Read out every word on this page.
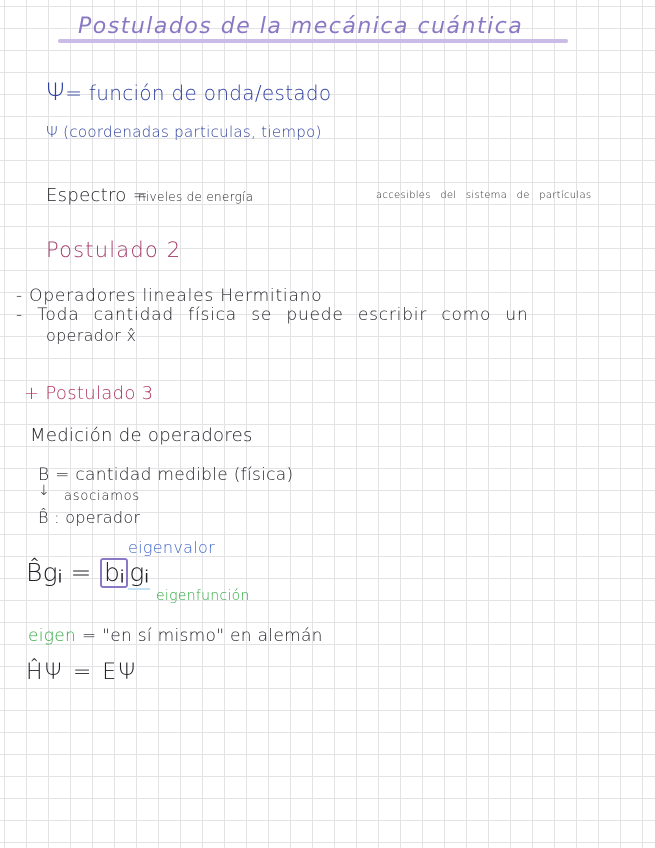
Postulados de la mecánica cuántica
Ψ= función de onda/estado
Ψ (coordenadas particulas, tiempo)
Espectro =
niveles de energía	accesibles del sistema de partículas
Postulado 2
- Operadores lineales Hermitiano
- Toda cantidad física se puede escribir como un
operador x̂
+ Postulado 3
Medición de operadores
B = cantidad medible (física)
↓ asociamos
B̂ : operador
eigenvalor
B̂gᵢ = bᵢ gᵢ
eigenfunción
eigen = "en sí mismo" en alemán
ĤΨ = EΨ
